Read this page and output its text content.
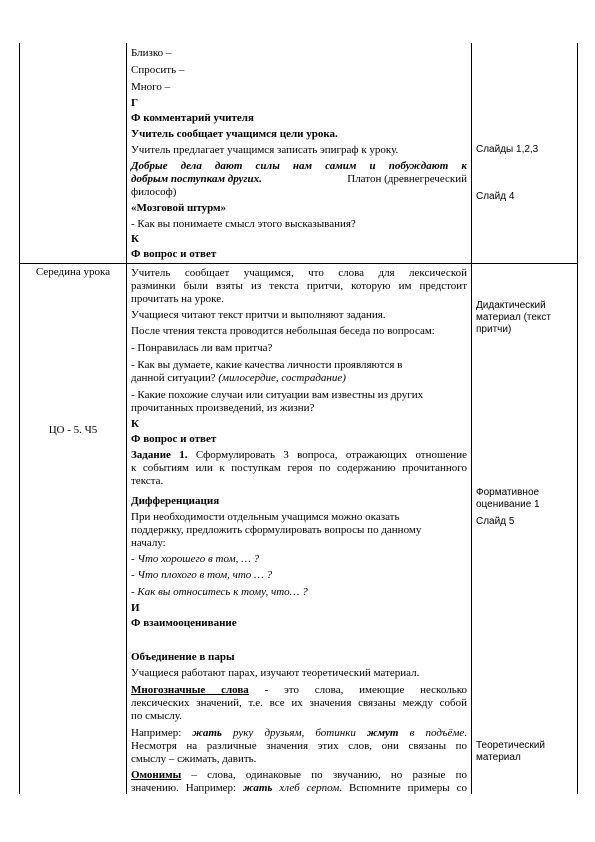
Близко –
Спросить –
Много –
Г
Ф комментарий учителя
Учитель сообщает учащимся цели урока.
Учитель предлагает учащимся записать эпиграф к уроку.
Добрые дела дают силы нам самим и побуждают к
добрым поступкам других.	Платон (древнегреческий
философ)
«Мозговой штурм»
- Как вы понимаете смысл этого высказывания?
К
Ф вопрос и ответ
Слайды 1,2,3
Слайд 4
Середина урока
ЦО - 5. Ч5
Учитель сообщает учащимся, что слова для лексической
разминки были взяты из текста притчи, которую им предстоит
прочитать на уроке.
Учащиеся читают текст притчи и выполняют задания.
После чтения текста проводится небольшая беседа по вопросам:
- Понравилась ли вам притча?
- Как вы думаете, какие качества личности проявляются в
данной ситуации? (милосердие, сострадание)
- Какие похожие случаи или ситуации вам известны из других
прочитанных произведений, из жизни?
К
Ф вопрос и ответ
Задание 1. Сформулировать 3 вопроса, отражающих отношение
к событиям или к поступкам героя по содержанию прочитанного
текста.
Дифференциация
При необходимости отдельным учащимся можно оказать
поддержку, предложить сформулировать вопросы по данному
началу:
- Что хорошего в том, … ?
- Что плохого в том, что … ?
- Как вы относитесь к тому, что… ?
И
Ф взаимооценивание
Объединение в пары
Учащиеся работают парах, изучают теоретический материал.
Многозначные слова - это слова, имеющие несколько
лексических значений, т.е. все их значения связаны между собой
по смыслу.
Например: жать руку друзьям, ботинки жмут в подъёме.
Несмотря на различные значения этих слов, они связаны по
смыслу – сжимать, давить.
Омонимы – слова, одинаковые по звучанию, но разные по
значению. Например: жать хлеб серпом. Вспомните примеры со
Дидактический материал (текст притчи)
Формативное оценивание 1
Слайд 5
Теоретический материал
